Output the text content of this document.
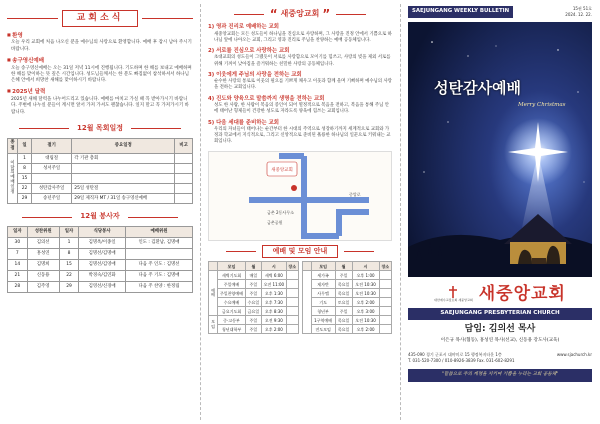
교회소식
■ 환영
오늘 우리 교회에 처음 나오신 분을 예수님의 사랑으로 환영합니다. 예배 후 잠시 남아 주시기 바랍니다.
■ 송구영신예배
오늘 송구영신예배는 오는 31일 저녁 11시에 진행됩니다. 기도하며 한 해를 보내고 예배하며 한 해를 맞이하는 뜻 깊은 시간입니다. 성도님들께서는 한 분도 빠짐없이 참석하셔서 하나님 은혜 안에서 희망찬 새해를 맞이하시기 바랍니다.
■ 2025년 달력
2025년 새해 달력을 나누어드리고 있습니다. 예배를 마치고 가실 때 꼭 받아가시기 바랍니다. 주변에 나누실 분들이 계시면 앞서 가져 가셔도 괜찮습니다. 일지 말고 꼭 가져가시기 바랍니다.
12월 목회일정
종점	일	절기	중요일정	비고
이 달의 예배 일정	1	대림절	각 기관 총회	
	8	성서주일		
	15			
	22	성탄감사주일	25일 성탄절	
	29	송년주일	29일 제직자 MT / 31일 송구영신예배	
12월 봉사자
일자	성찬위원	일자	식당봉사	예배위원
30	김의선	1	김명옥/이종일	인도 : 김환남, 김명애
7	홍성연	8	김명선/김명애	
14	김명희	15	김명선/김영애	다음 주 인도 : 김명선
21	신동용	22	박경숙/김연화	다음 주 기도 : 김명애
28	김주영	29	김영선/신경애	다음 주 찬양 : 한정림
“ 새중앙교회 ”
1) 영과 진리로 예배하는 교회
새중앙교회는 모든 성도들이 하나님을 진심으로 사랑하며, 그 사랑을 진정 안에서 기쁨으로 하나님 앞에 나아오는 교회, 그리고 영과 진리로 주님을 찬양하는 예배 공동체입니다.
2) 서로를 진심으로 사랑하는 교회
초대교회의 성도들이 그랬듯이 서로를 사랑함으로 모이기를 힘쓰고, 사랑의 빚을 제외 서로를 위해 기꺼이 낮아짐을 즐거워하는 친밀한 사랑의 공동체입니다.
3) 이웃에게 주님의 사랑을 전하는 교회
순수한 사랑의 통로로 이웃의 필요를 기쁘게 채우고 이웃과 함께 울며 기뻐하며 예수님의 사랑을 전하는 교회입니다.
4) 진도와 양육으로 말씀까지 생명을 전하는 교회
성도 한 사람, 한 사람이 복음의 증인이 되어 열정적으로 복음을 전하고, 복음을 통해 주님 안에 태어난 형제들이 건강한 성도로 자라도록 양육에 힘쓰는 교회입니다.
5) 다음 세대를 준비하는 교회
우리의 자녀들이 태어나는 순간부터 한 시대의 주역으로 성장하기까지 세계적으로 교회와 가정과 학교에서 지식적으로, 그리고 신앙적으로 준비된 훌륭한 하나님의 일꾼으로 키워내는 교회입니다.
새중앙교회
금촌 2동사무소
금촌공원
중앙로
예배 및 모임 안내
	모임	월	시	장소
예배	새벽기도회	매일	새벽 6:00	
	주일예배	주일	오전 11:00	
	주일찬양예배	주일	오후 1:30	
	수요예배	수요일	오후 7:30	
	금요기도회	금요일	오후 8:30	
모임	중·고등부	주일	오전 9:30	
	청년대학부	주일	오후 2:00	
	모임	월	시	장소
	세가족	주일	오후 1:00	
	제자반	목요일	오전 10:30	
	사무엘	목요일	오전 10:30	
	기도	토요일	오후 2:00	
	청년부	주일	오후 3:00	
	1구역예배	목요일	오전 10:30	
	전도모임	목요일	오후 2:00	
SAEJUNGANG WEEKLY BULLETIN	15권 51호
2024. 12. 22.
성탄감사예배
Merry Christmas
대한예수교장로회 새중앙교회 새중앙교회
SAEJUNGANG PRESBYTERIAN CHURCH
담임: 김의선 목사
이은규 목사(협동), 홍성연 목사(선교), 신동용 강도사(교육)
435-090 경기 군포시 대야미로 15 행정복지타운 1층
T. 031-520-7300 / 010-8926-3839 Fax. 031-602-8291
www.sjachurch.kr
"말씀으로 주의 계명을 지키며 기쁨을 누리는 교회 공동체"
